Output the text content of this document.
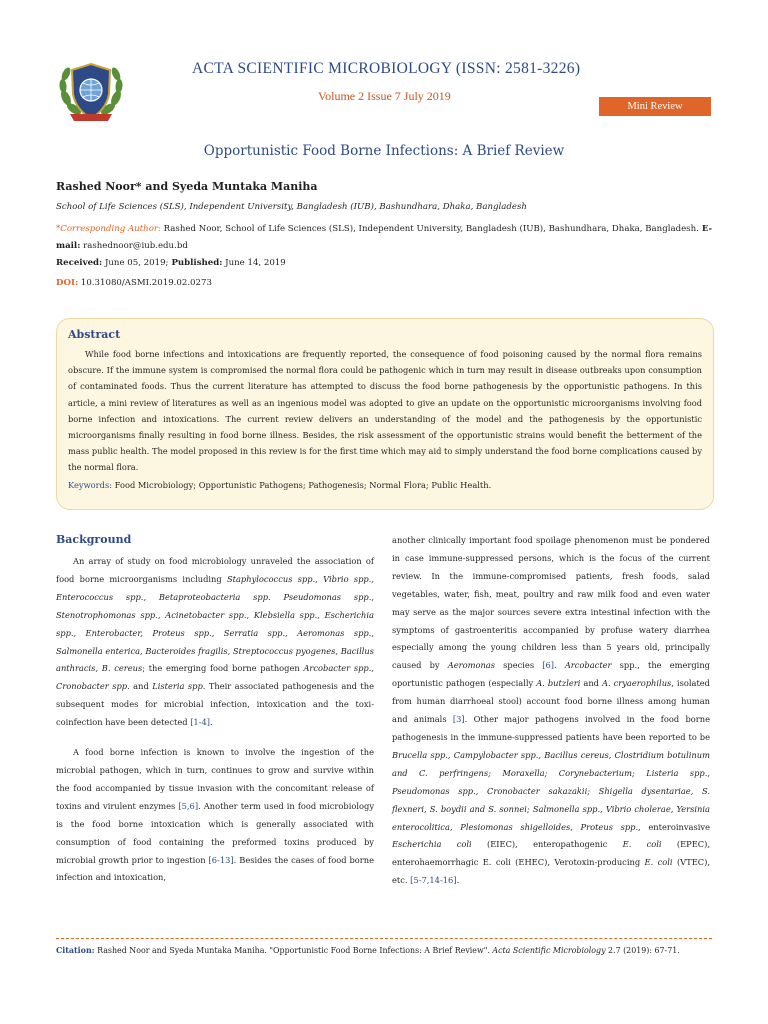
ACTA SCIENTIFIC MICROBIOLOGY (ISSN: 2581-3226)
Volume 2 Issue 7 July 2019
Mini Review
Opportunistic Food Borne Infections: A Brief Review
Rashed Noor* and Syeda Muntaka Maniha
School of Life Sciences (SLS), Independent University, Bangladesh (IUB), Bashundhara, Dhaka, Bangladesh
*Corresponding Author: Rashed Noor, School of Life Sciences (SLS), Independent University, Bangladesh (IUB), Bashundhara, Dhaka, Bangladesh. E-mail: rashednoor@iub.edu.bd
Received: June 05, 2019; Published: June 14, 2019
DOI: 10.31080/ASMI.2019.02.0273
Abstract

While food borne infections and intoxications are frequently reported, the consequence of food poisoning caused by the normal flora remains obscure. If the immune system is compromised the normal flora could be pathogenic which in turn may result in disease outbreaks upon consumption of contaminated foods. Thus the current literature has attempted to discuss the food borne pathogenesis by the opportunistic pathogens. In this article, a mini review of literatures as well as an ingenious model was adopted to give an update on the opportunistic microorganisms involving food borne infection and intoxications. The current review delivers an understanding of the model and the pathogenesis by the opportunistic microorganisms finally resulting in food borne illness. Besides, the risk assessment of the opportunistic strains would benefit the betterment of the mass public health. The model proposed in this review is for the first time which may aid to simply understand the food borne complications caused by the normal flora.

Keywords: Food Microbiology; Opportunistic Pathogens; Pathogenesis; Normal Flora; Public Health.
Background

An array of study on food microbiology unraveled the association of food borne microorganisms including Staphylococcus spp., Vibrio spp., Enterococcus spp., Betaproteobacteria spp. Pseudomonas spp., Stenotrophomonas spp., Acinetobacter spp., Klebsiella spp., Escherichia spp., Enterobacter, Proteus spp., Serratia spp., Aeromonas spp., Salmonella enterica, Bacteroides fragilis, Streptococcus pyogenes, Bacillus anthracis, B. cereus; the emerging food borne pathogen Arcobacter spp., Cronobacter spp. and Listeria spp. Their associated pathogenesis and the subsequent modes for microbial infection, intoxication and the toxi-coinfection have been detected [1-4].

A food borne infection is known to involve the ingestion of the microbial pathogen, which in turn, continues to grow and survive within the food accompanied by tissue invasion with the concomitant release of toxins and virulent enzymes [5,6]. Another term used in food microbiology is the food borne intoxication which is generally associated with consumption of food containing the preformed toxins produced by microbial growth prior to ingestion [6-13]. Besides the cases of food borne infection and intoxication,

another clinically important food spoilage phenomenon must be pondered in case immune-suppressed persons, which is the focus of the current review. In the immune-compromised patients, fresh foods, salad vegetables, water, fish, meat, poultry and raw milk food and even water may serve as the major sources severe extra intestinal infection with the symptoms of gastroenteritis accompanied by profuse watery diarrhea especially among the young children less than 5 years old, principally caused by Aeromonas species [6]. Arcobacter spp., the emerging oportunistic pathogen (especially A. butzleri and A. cryaerophilus, isolated from human diarrhoeal stool) account food borne illness among human and animals [3]. Other major pathogens involved in the food borne pathogenesis in the immune-suppressed patients have been reported to be Brucella spp., Campylobacter spp., Bacillus cereus, Clostridium botulinum and C. perfringens; Moraxella; Corynebacterium; Listeria spp., Pseudomonas spp., Cronobacter sakazakii; Shigella dysentariae, S. flexneri, S. boydii and S. sonnei; Salmonella spp., Vibrio cholerae, Yersinia enterocolitica, Plesiomonas shigelloides, Proteus spp., enteroinvasive Escherichia coli (EIEC), enteropathogenic E. coli (EPEC), enterohaemorrhagic E. coli (EHEC), Verotoxin-producing E. coli (VTEC), etc. [5-7,14-16].

Citation: Rashed Noor and Syeda Muntaka Maniha. "Opportunistic Food Borne Infections: A Brief Review". Acta Scientific Microbiology 2.7 (2019): 67-71.
